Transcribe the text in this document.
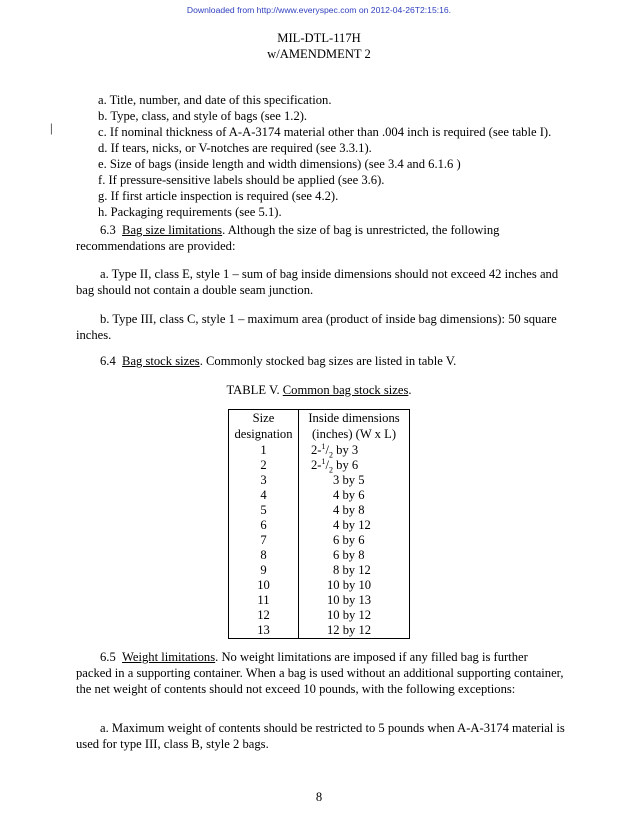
Downloaded from http://www.everyspec.com on 2012-04-26T2:15:16.
MIL-DTL-117H
w/AMENDMENT 2
|
a. Title, number, and date of this specification.
b. Type, class, and style of bags (see 1.2).
c. If nominal thickness of A-A-3174 material other than .004 inch is required (see table I).
d. If tears, nicks, or V-notches are required (see 3.3.1).
e. Size of bags (inside length and width dimensions) (see 3.4 and 6.1.6 )
f. If pressure-sensitive labels should be applied (see 3.6).
g. If first article inspection is required (see 4.2).
h. Packaging requirements (see 5.1).

6.3 Bag size limitations. Although the size of bag is unrestricted, the following recommendations are provided:

a. Type II, class E, style 1 – sum of bag inside dimensions should not exceed 42 inches and bag should not contain a double seam junction.

b. Type III, class C, style 1 – maximum area (product of inside bag dimensions): 50 square inches.

6.4 Bag stock sizes. Commonly stocked bag sizes are listed in table V.

TABLE V. Common bag stock sizes.
Size
designation	Inside dimensions
(inches) (W x L)
1	$2-^1/_2$ by 3
2	$2-^1/_2$ by 6
3	3 by 5
4	4 by 6
5	4 by 8
6	4 by 12
7	6 by 6
8	6 by 8
9	8 by 12
10	10 by 10
11	10 by 13
12	10 by 12
13	12 by 12

6.5 Weight limitations. No weight limitations are imposed if any filled bag is further packed in a supporting container. When a bag is used without an additional supporting container, the net weight of contents should not exceed 10 pounds, with the following exceptions:

a. Maximum weight of contents should be restricted to 5 pounds when A-A-3174 material is used for type III, class B, style 2 bags.

8
